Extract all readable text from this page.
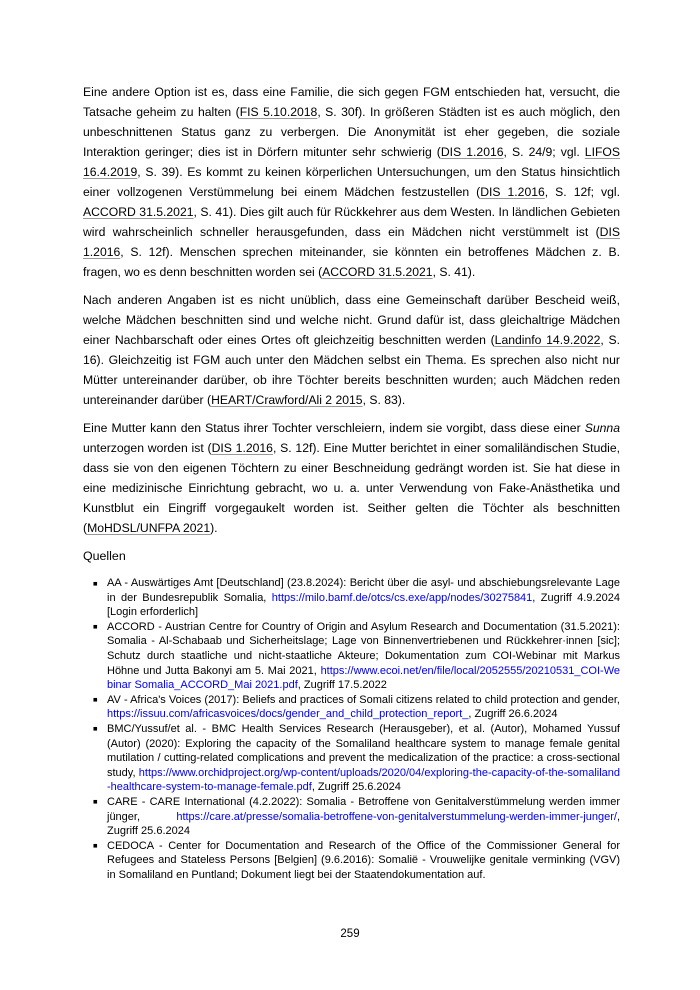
Eine andere Option ist es, dass eine Familie, die sich gegen FGM entschieden hat, versucht, die Tatsache geheim zu halten (FIS 5.10.2018, S. 30f). In größeren Städten ist es auch möglich, den unbeschnittenen Status ganz zu verbergen. Die Anonymität ist eher gegeben, die soziale Interaktion geringer; dies ist in Dörfern mitunter sehr schwierig (DIS 1.2016, S. 24/9; vgl. LIFOS 16.4.2019, S. 39). Es kommt zu keinen körperlichen Untersuchungen, um den Status hinsichtlich einer vollzogenen Verstümmelung bei einem Mädchen festzustellen (DIS 1.2016, S. 12f; vgl. ACCORD 31.5.2021, S. 41). Dies gilt auch für Rückkehrer aus dem Westen. In ländlichen Gebieten wird wahrscheinlich schneller herausgefunden, dass ein Mädchen nicht verstümmelt ist (DIS 1.2016, S. 12f). Menschen sprechen miteinander, sie könnten ein betroffenes Mädchen z. B. fragen, wo es denn beschnitten worden sei (ACCORD 31.5.2021, S. 41).

Nach anderen Angaben ist es nicht unüblich, dass eine Gemeinschaft darüber Bescheid weiß, welche Mädchen beschnitten sind und welche nicht. Grund dafür ist, dass gleichaltrige Mädchen einer Nachbarschaft oder eines Ortes oft gleichzeitig beschnitten werden (Landinfo 14.9.2022, S. 16). Gleichzeitig ist FGM auch unter den Mädchen selbst ein Thema. Es sprechen also nicht nur Mütter untereinander darüber, ob ihre Töchter bereits beschnitten wurden; auch Mädchen reden untereinander darüber (HEART/Crawford/Ali 2 2015, S. 83).

Eine Mutter kann den Status ihrer Tochter verschleiern, indem sie vorgibt, dass diese einer Sunna unterzogen worden ist (DIS 1.2016, S. 12f). Eine Mutter berichtet in einer somaliländischen Studie, dass sie von den eigenen Töchtern zu einer Beschneidung gedrängt worden ist. Sie hat diese in eine medizinische Einrichtung gebracht, wo u. a. unter Verwendung von Fake-Anästhetika und Kunstblut ein Eingriff vorgegaukelt worden ist. Seither gelten die Töchter als beschnitten (MoHDSL/UNFPA 2021).

Quellen

■ AA - Auswärtiges Amt [Deutschland] (23.8.2024): Bericht über die asyl- und abschiebungsrelevante Lage in der Bundesrepublik Somalia, https://milo.bamf.de/otcs/cs.exe/app/nodes/30275841, Zugriff 4.9.2024 [Login erforderlich]
■ ACCORD - Austrian Centre for Country of Origin and Asylum Research and Documentation (31.5.2021): Somalia - Al-Schabaab und Sicherheitslage; Lage von Binnenvertriebenen und Rückkehrer·innen [sic]; Schutz durch staatliche und nicht-staatliche Akteure; Dokumentation zum COI-Webinar mit Markus Höhne und Jutta Bakonyi am 5. Mai 2021, https://www.ecoi.net/en/file/local/2052555/20210531_COI-Webinar Somalia_ACCORD_Mai 2021.pdf, Zugriff 17.5.2022
■ AV - Africa's Voices (2017): Beliefs and practices of Somali citizens related to child protection and gender, https://issuu.com/africasvoices/docs/gender_and_child_protection_report_, Zugriff 26.6.2024
■ BMC/Yussuf/et al. - BMC Health Services Research (Herausgeber), et al. (Autor), Mohamed Yussuf (Autor) (2020): Exploring the capacity of the Somaliland healthcare system to manage female genital mutilation / cutting-related complications and prevent the medicalization of the practice: a cross-sectional study, https://www.orchidproject.org/wp-content/uploads/2020/04/exploring-the-capacity-of-the-somaliland-healthcare-system-to-manage-female.pdf, Zugriff 25.6.2024
■ CARE - CARE International (4.2.2022): Somalia - Betroffene von Genitalverstümmelung werden immer jünger, https://care.at/presse/somalia-betroffene-von-genitalverstummelung-werden-immer-junger/, Zugriff 25.6.2024
■ CEDOCA - Center for Documentation and Research of the Office of the Commissioner General for Refugees and Stateless Persons [Belgien] (9.6.2016): Somalië - Vrouwelijke genitale verminking (VGV) in Somaliland en Puntland; Dokument liegt bei der Staatendokumentation auf.
259
